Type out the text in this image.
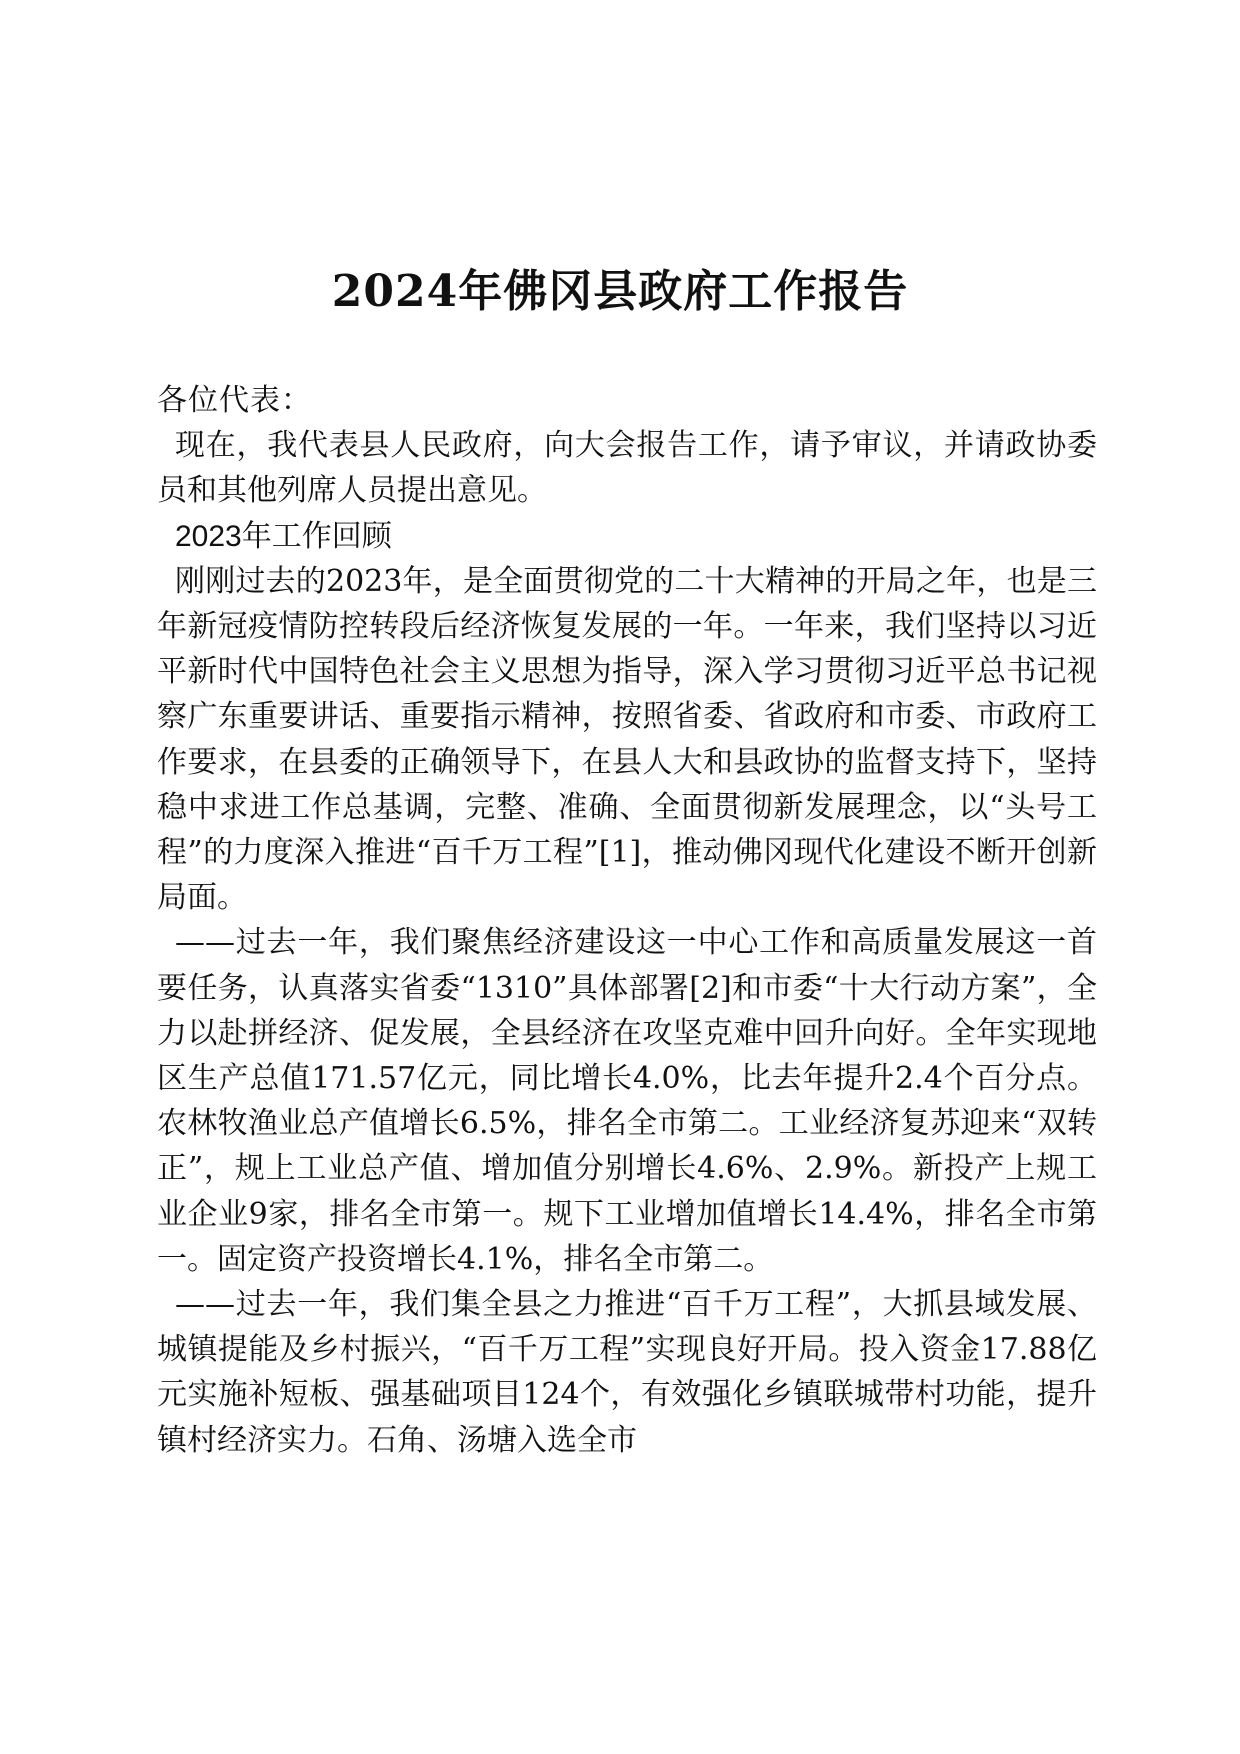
2024年佛冈县政府工作报告

各位代表：

现在，我代表县人民政府，向大会报告工作，请予审议，并请政协委员和其他列席人员提出意见。

2023年工作回顾

刚刚过去的2023年，是全面贯彻党的二十大精神的开局之年，也是三年新冠疫情防控转段后经济恢复发展的一年。一年来，我们坚持以习近平新时代中国特色社会主义思想为指导，深入学习贯彻习近平总书记视察广东重要讲话、重要指示精神，按照省委、省政府和市委、市政府工作要求，在县委的正确领导下，在县人大和县政协的监督支持下，坚持稳中求进工作总基调，完整、准确、全面贯彻新发展理念，以“头号工程”的力度深入推进“百千万工程”[1]，推动佛冈现代化建设不断开创新局面。

——过去一年，我们聚焦经济建设这一中心工作和高质量发展这一首要任务，认真落实省委“1310”具体部署[2]和市委“十大行动方案”，全力以赴拼经济、促发展，全县经济在攻坚克难中回升向好。全年实现地区生产总值171.57亿元，同比增长4.0%，比去年提升2.4个百分点。农林牧渔业总产值增长6.5%，排名全市第二。工业经济复苏迎来“双转正”，规上工业总产值、增加值分别增长4.6%、2.9%。新投产上规工业企业9家，排名全市第一。规下工业增加值增长14.4%，排名全市第一。固定资产投资增长4.1%，排名全市第二。

——过去一年，我们集全县之力推进“百千万工程”，大抓县域发展、城镇提能及乡村振兴，“百千万工程”实现良好开局。投入资金17.88亿元实施补短板、强基础项目124个，有效强化乡镇联城带村功能，提升镇村经济实力。石角、汤塘入选全市
